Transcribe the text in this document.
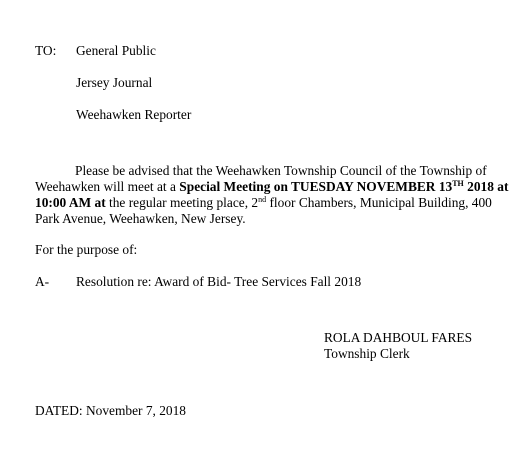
TO: General Public
Jersey Journal
Weehawken Reporter
Please be advised that the Weehawken Township Council of the Township of
Weehawken will meet at a Special Meeting on TUESDAY NOVEMBER 13TH 2018 at
10:00 AM at the regular meeting place, 2nd floor Chambers, Municipal Building, 400
Park Avenue, Weehawken, New Jersey.
For the purpose of:
A- Resolution re: Award of Bid- Tree Services Fall 2018
ROLA DAHBOUL FARES
Township Clerk
DATED: November 7, 2018
